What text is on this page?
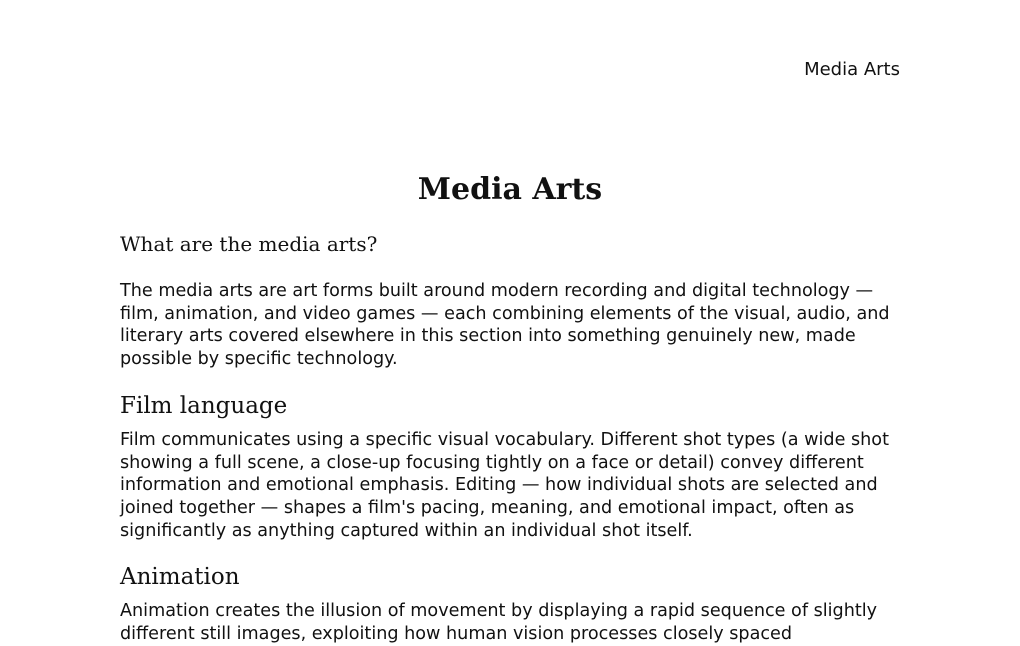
Media Arts
Media Arts
What are the media arts?

The media arts are art forms built around modern recording and digital technology — film, animation, and video games — each combining elements of the visual, audio, and literary arts covered elsewhere in this section into something genuinely new, made possible by specific technology.

Film language

Film communicates using a specific visual vocabulary. Different shot types (a wide shot showing a full scene, a close-up focusing tightly on a face or detail) convey different information and emotional emphasis. Editing — how individual shots are selected and joined together — shapes a film's pacing, meaning, and emotional impact, often as significantly as anything captured within an individual shot itself.

Animation

Animation creates the illusion of movement by displaying a rapid sequence of slightly different still images, exploiting how human vision processes closely spaced
